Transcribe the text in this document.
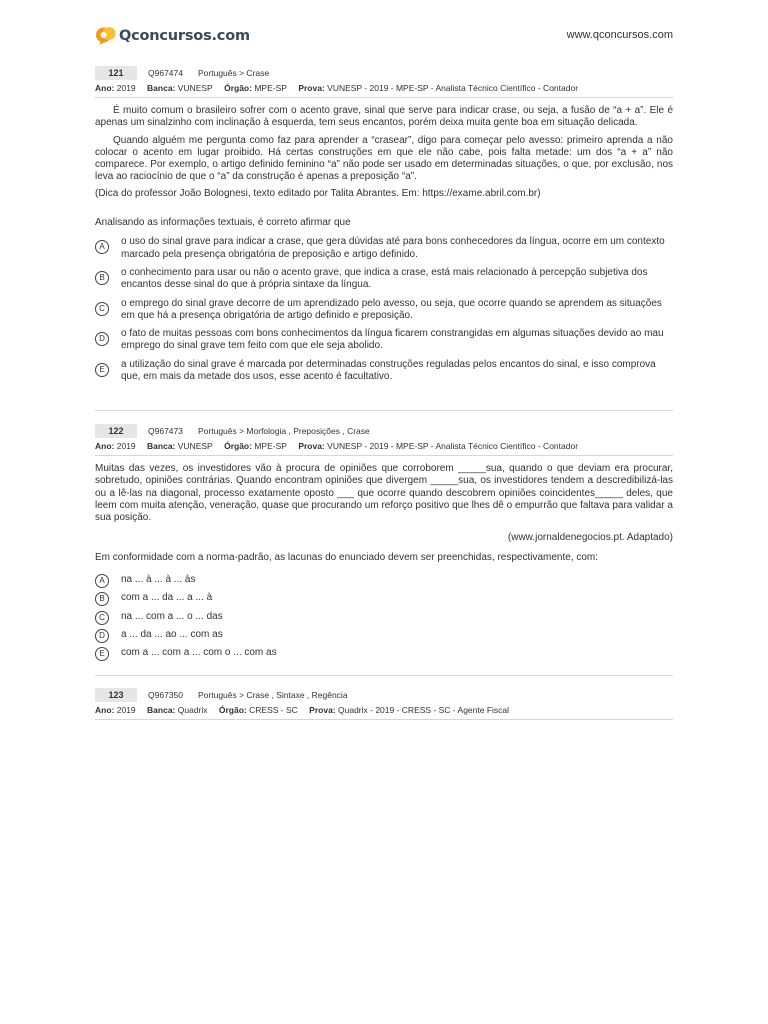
Qconcursos.com	www.qconcursos.com
121	Q967474 Português > Crase
Ano: 2019 Banca: VUNESP Órgão: MPE-SP Prova: VUNESP - 2019 - MPE-SP - Analista Técnico Científico - Contador

É muito comum o brasileiro sofrer com o acento grave, sinal que serve para indicar crase, ou seja, a fusão de “a + a”. Ele é apenas um sinalzinho com inclinação à esquerda, tem seus encantos, porém deixa muita gente boa em situação delicada.

Quando alguém me pergunta como faz para aprender a “crasear”, digo para começar pelo avesso: primeiro aprenda a não colocar o acento em lugar proibido. Há certas construções em que ele não cabe, pois falta metade: um dos “a + a” não comparece. Por exemplo, o artigo definido feminino “a” não pode ser usado em determinadas situações, o que, por exclusão, nos leva ao raciocínio de que o “a” da construção é apenas a preposição “a”.

(Dica do professor João Bolognesi, texto editado por Talita Abrantes. Em: https://exame.abril.com.br)

Analisando as informações textuais, é correto afirmar que

A	o uso do sinal grave para indicar a crase, que gera dúvidas até para bons conhecedores da língua, ocorre em um contexto marcado pela presença obrigatória de preposição e artigo definido.
B	o conhecimento para usar ou não o acento grave, que indica a crase, está mais relacionado à percepção subjetiva dos encantos desse sinal do que à própria sintaxe da língua.
C	o emprego do sinal grave decorre de um aprendizado pelo avesso, ou seja, que ocorre quando se aprendem as situações em que há a presença obrigatória de artigo definido e preposição.
D	o fato de muitas pessoas com bons conhecimentos da língua ficarem constrangidas em algumas situações devido ao mau emprego do sinal grave tem feito com que ele seja abolido.
E	a utilização do sinal grave é marcada por determinadas construções reguladas pelos encantos do sinal, e isso comprova que, em mais da metade dos usos, esse acento é facultativo.
122	Q967473 Português > Morfologia , Preposições , Crase
Ano: 2019 Banca: VUNESP Órgão: MPE-SP Prova: VUNESP - 2019 - MPE-SP - Analista Técnico Científico - Contador

Muitas das vezes, os investidores vão à procura de opiniões que corroborem _____sua, quando o que deviam era procurar, sobretudo, opiniões contrárias. Quando encontram opiniões que divergem _____sua, os investidores tendem a descredibilizá-las ou a lê-las na diagonal, processo exatamente oposto ___ que ocorre quando descobrem opiniões coincidentes_____ deles, que leem com muita atenção, veneração, quase que procurando um reforço positivo que lhes dê o empurrão que faltava para validar a sua posição.

(www.jornaldenegocios.pt. Adaptado)

Em conformidade com a norma-padrão, as lacunas do enunciado devem ser preenchidas, respectivamente, com:

A	na ... à ... à ... às
B	com a ... da ... a ... à
C	na ... com a ... o ... das
D	a ... da ... ao ... com as
E	com a ... com a ... com o ... com as
123	Q967350 Português > Crase , Sintaxe , Regência
Ano: 2019 Banca: Quadrix Órgão: CRESS - SC Prova: Quadrix - 2019 - CRESS - SC - Agente Fiscal
